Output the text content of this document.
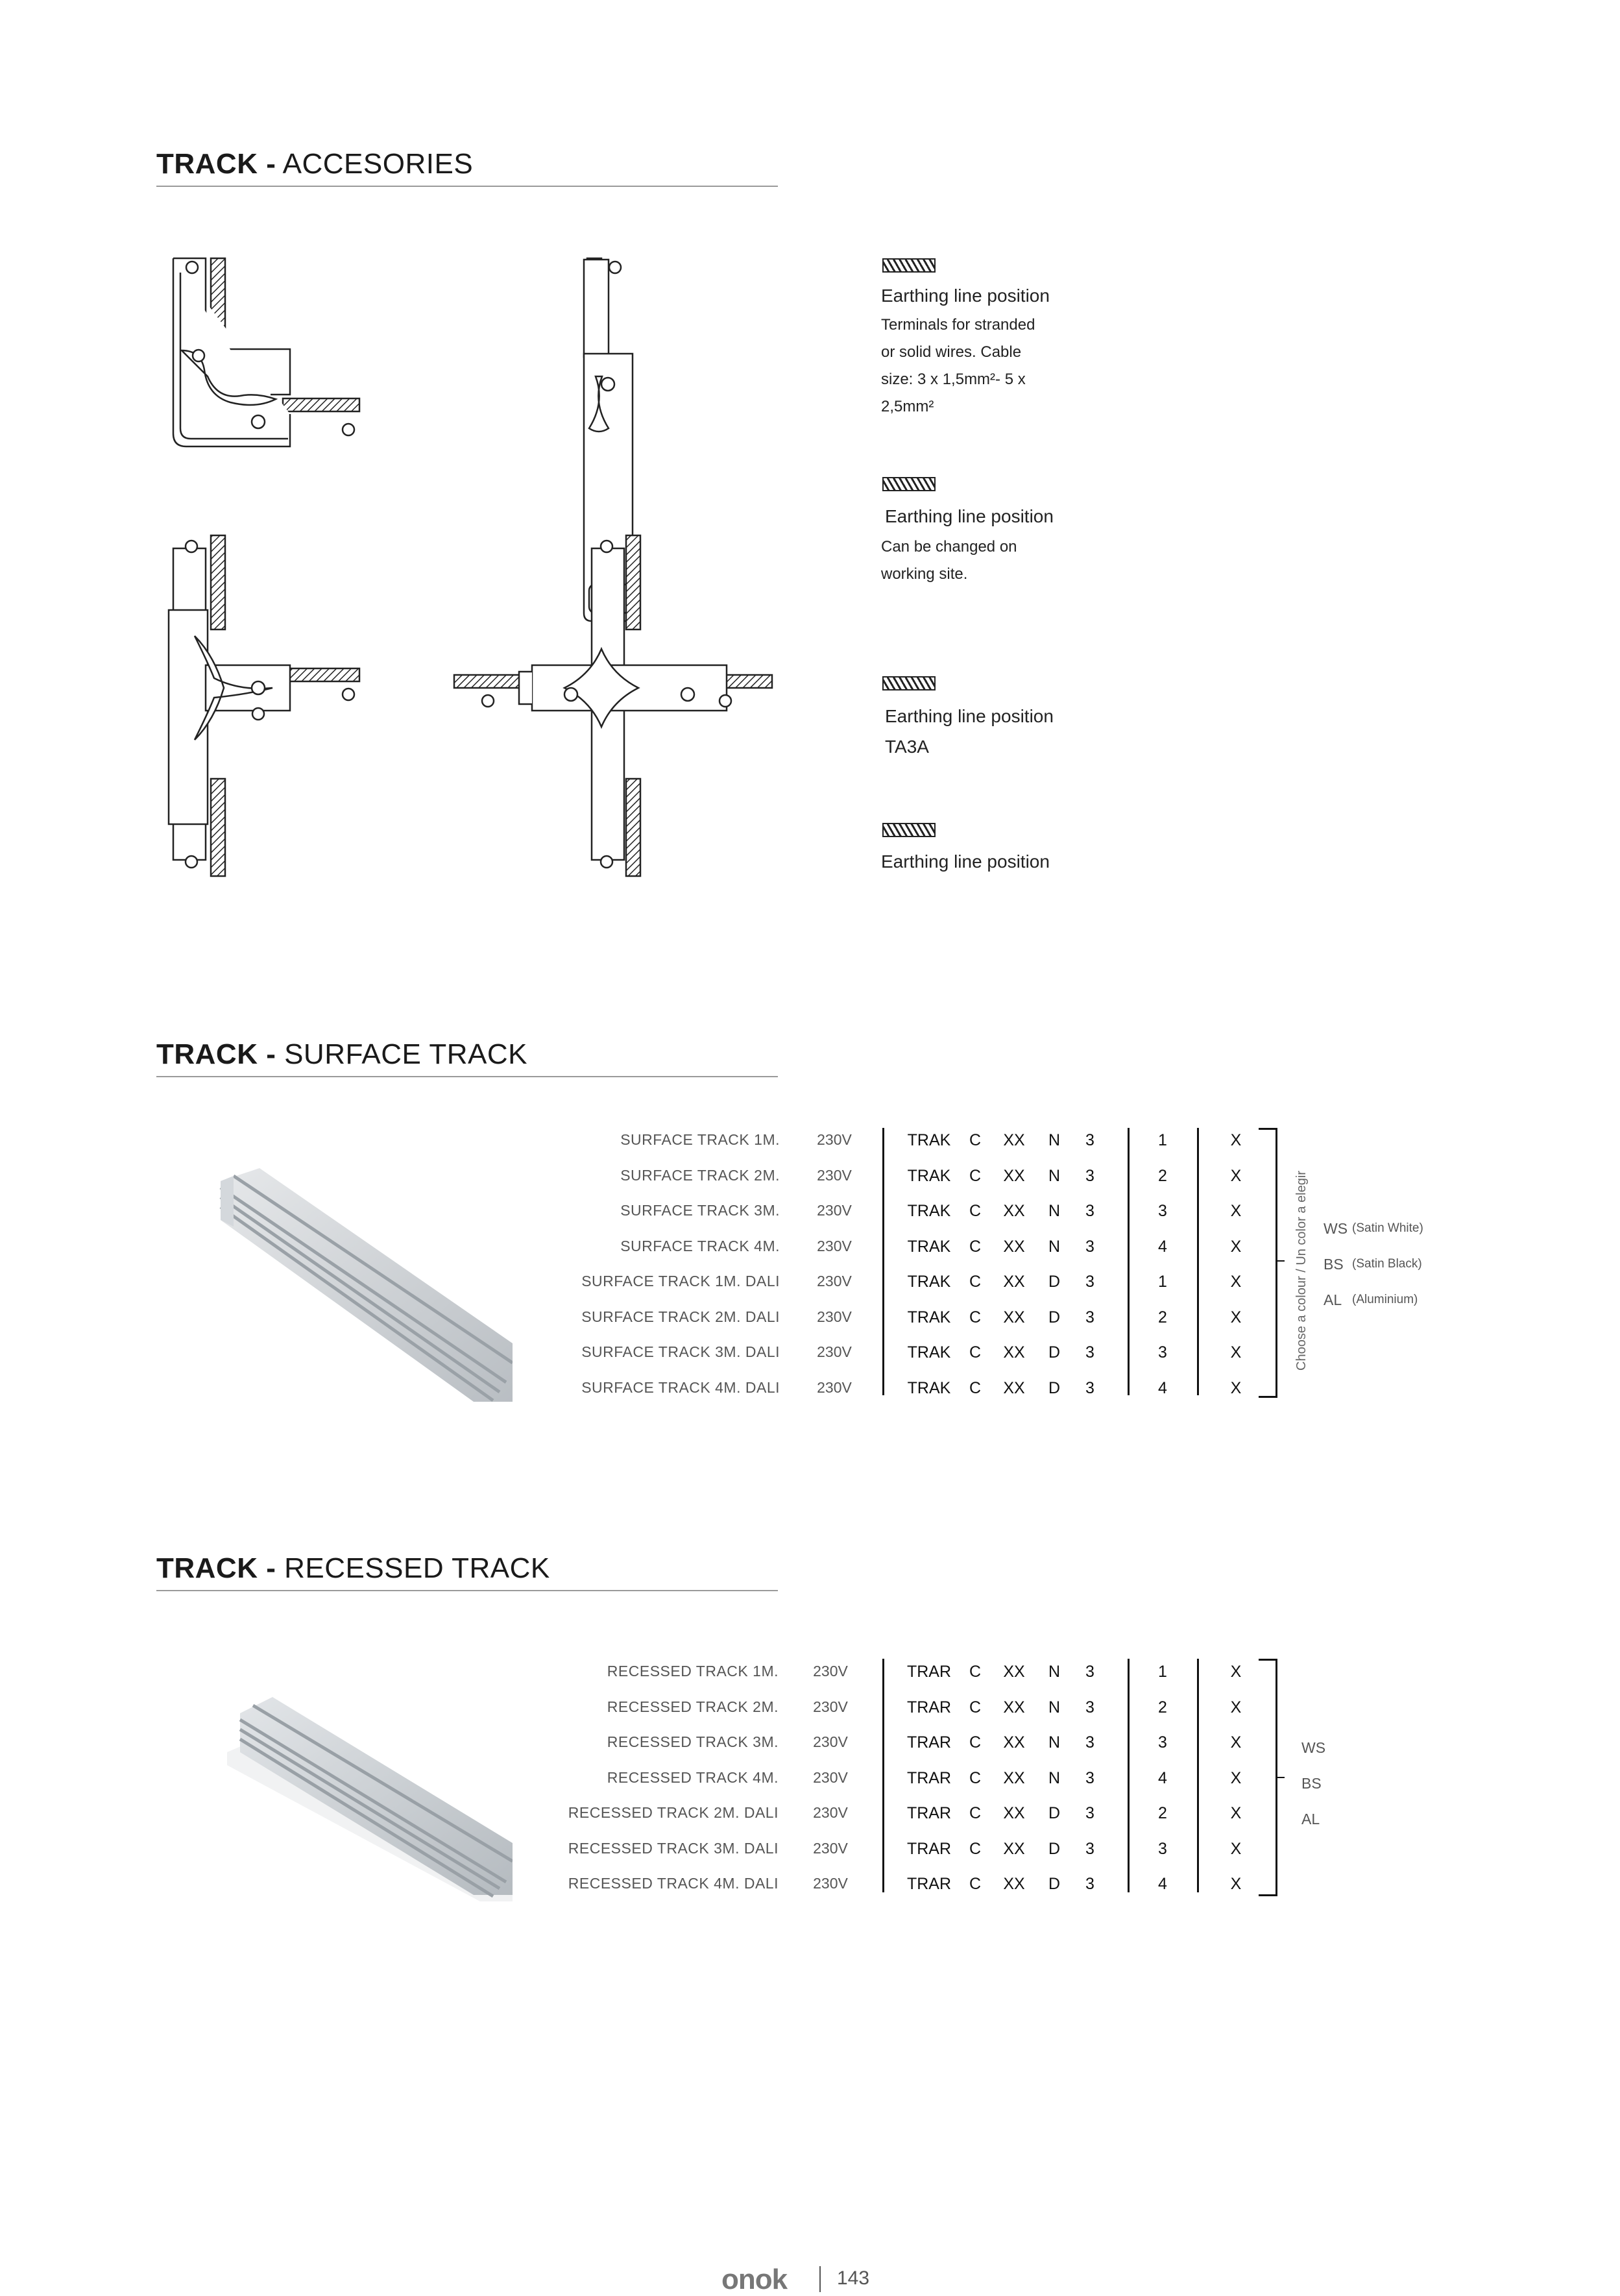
TRACK - ACCESORIES
Earthing line position
Terminals for stranded
or solid wires. Cable
size: 3 x 1,5mm²- 5 x
2,5mm²
Earthing line position
Can be changed on
working site.
Earthing line position
TA3A
Earthing line position
TRACK - SURFACE TRACK
Choose a colour / Un color a elegir
SURFACE TRACK 1M.	230V	TRAK	C	XX	N	3	1	X
SURFACE TRACK 2M.	230V	TRAK	C	XX	N	3	2	X
SURFACE TRACK 3M.	230V	TRAK	C	XX	N	3	3	X
SURFACE TRACK 4M.	230V	TRAK	C	XX	N	3	4	X
SURFACE TRACK 1M. DALI	230V	TRAK	C	XX	D	3	1	X
SURFACE TRACK 2M. DALI	230V	TRAK	C	XX	D	3	2	X
SURFACE TRACK 3M. DALI	230V	TRAK	C	XX	D	3	3	X
SURFACE TRACK 4M. DALI	230V	TRAK	C	XX	D	3	4	X
WS (Satin White)
BS (Satin Black)
AL (Aluminium)
TRACK - RECESSED TRACK
RECESSED TRACK 1M.	230V	TRAR	C	XX	N	3	1	X
RECESSED TRACK 2M.	230V	TRAR	C	XX	N	3	2	X
RECESSED TRACK 3M.	230V	TRAR	C	XX	N	3	3	X
RECESSED TRACK 4M.	230V	TRAR	C	XX	N	3	4	X
RECESSED TRACK 2M. DALI	230V	TRAR	C	XX	D	3	2	X
RECESSED TRACK 3M. DALI	230V	TRAR	C	XX	D	3	3	X
RECESSED TRACK 4M. DALI	230V	TRAR	C	XX	D	3	4	X
WS
BS
AL
onok	143
